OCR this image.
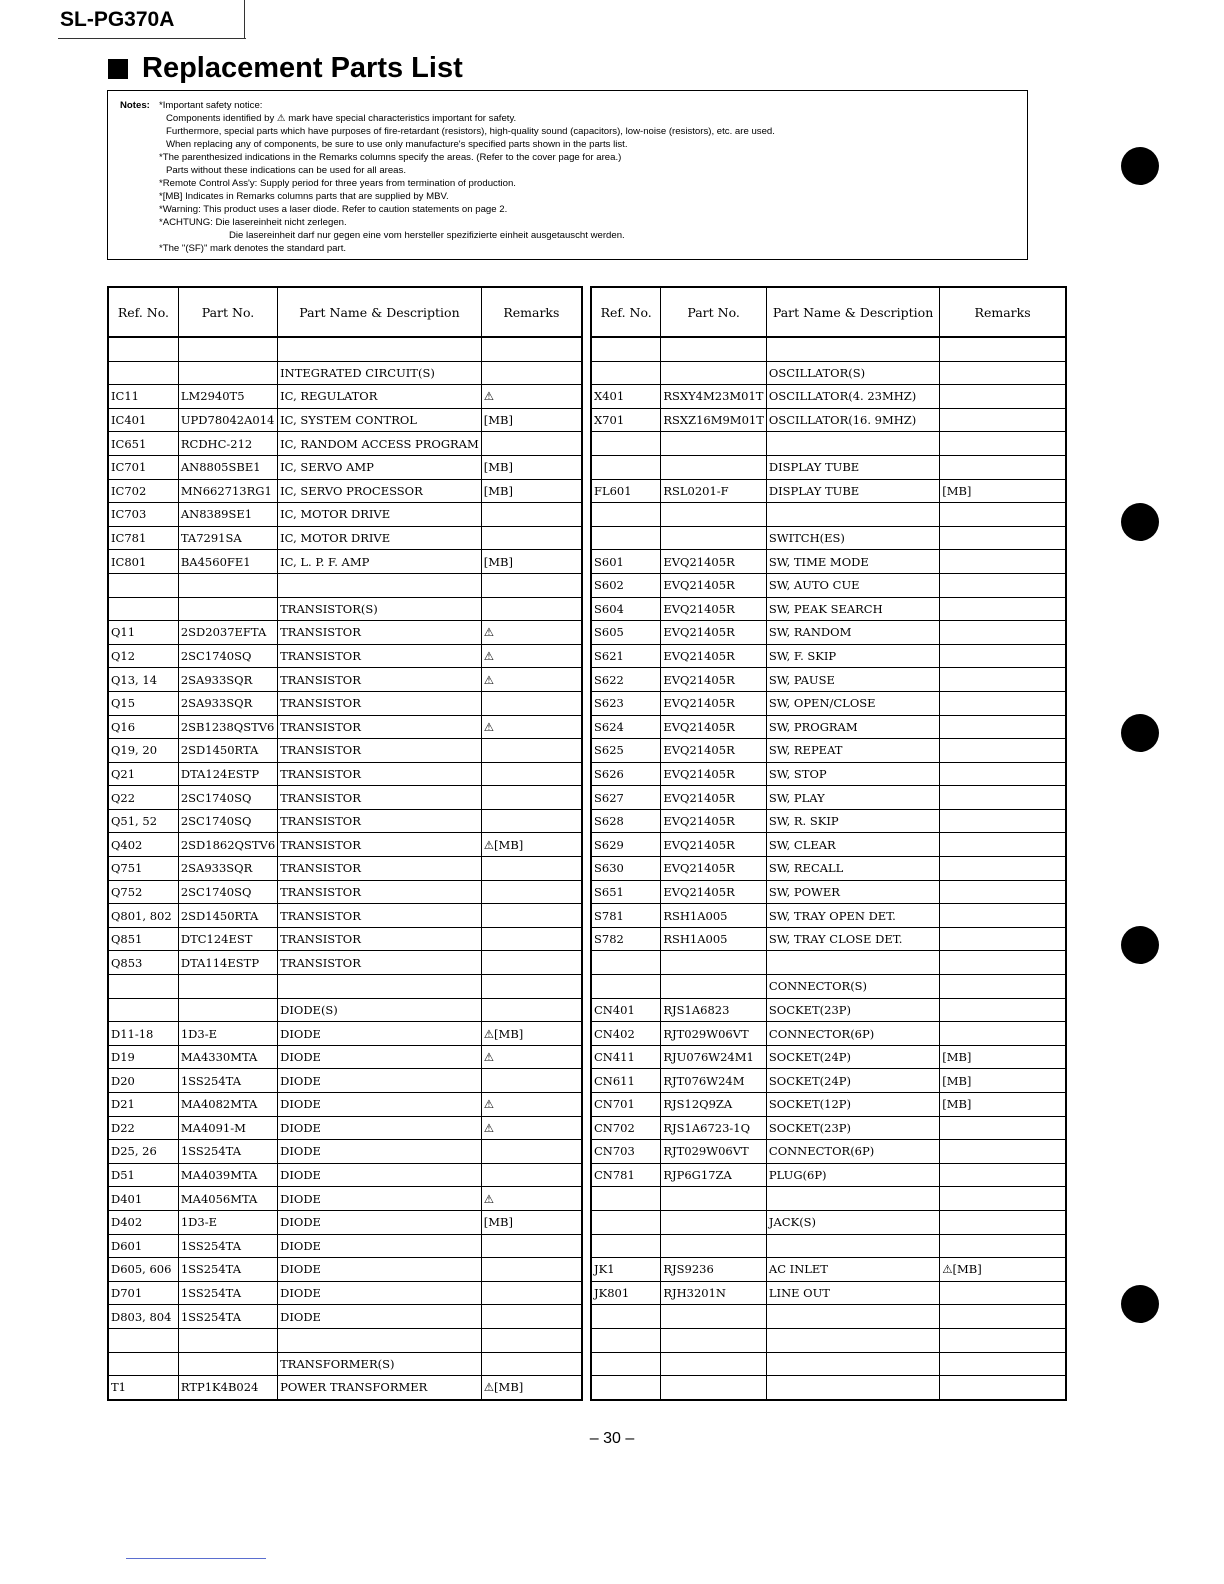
SL-PG370A
Replacement Parts List
Notes: *Important safety notice:
Components identified by ⚠ mark have special characteristics important for safety.
Furthermore, special parts which have purposes of fire-retardant (resistors), high-quality sound (capacitors), low-noise (resistors), etc. are used.
When replacing any of components, be sure to use only manufacture's specified parts shown in the parts list.
*The parenthesized indications in the Remarks columns specify the areas. (Refer to the cover page for area.)
Parts without these indications can be used for all areas.
*Remote Control Ass'y: Supply period for three years from termination of production.
*[MB] Indicates in Remarks columns parts that are supplied by MBV.
*Warning: This product uses a laser diode. Refer to caution statements on page 2.
*ACHTUNG: Die lasereinheit nicht zerlegen.
Die lasereinheit darf nur gegen eine vom hersteller spezifizierte einheit ausgetauscht werden.
*The "(SF)" mark denotes the standard part.
Ref. No.	Part No.	Part Name & Description	Remarks

		INTEGRATED CIRCUIT(S)	
IC11	LM2940T5	IC, REGULATOR	⚠
IC401	UPD78042A014	IC, SYSTEM CONTROL	[MB]
IC651	RCDHC-212	IC, RANDOM ACCESS PROGRAM	
IC701	AN8805SBE1	IC, SERVO AMP	[MB]
IC702	MN662713RG1	IC, SERVO PROCESSOR	[MB]
IC703	AN8389SE1	IC, MOTOR DRIVE	
IC781	TA7291SA	IC, MOTOR DRIVE	
IC801	BA4560FE1	IC, L. P. F. AMP	[MB]

		TRANSISTOR(S)	
Q11	2SD2037EFTA	TRANSISTOR	⚠
Q12	2SC1740SQ	TRANSISTOR	⚠
Q13, 14	2SA933SQR	TRANSISTOR	⚠
Q15	2SA933SQR	TRANSISTOR	
Q16	2SB1238QSTV6	TRANSISTOR	⚠
Q19, 20	2SD1450RTA	TRANSISTOR	
Q21	DTA124ESTP	TRANSISTOR	
Q22	2SC1740SQ	TRANSISTOR	
Q51, 52	2SC1740SQ	TRANSISTOR	
Q402	2SD1862QSTV6	TRANSISTOR	⚠[MB]
Q751	2SA933SQR	TRANSISTOR	
Q752	2SC1740SQ	TRANSISTOR	
Q801, 802	2SD1450RTA	TRANSISTOR	
Q851	DTC124EST	TRANSISTOR	
Q853	DTA114ESTP	TRANSISTOR	

		DIODE(S)	
D11-18	1D3-E	DIODE	⚠[MB]
D19	MA4330MTA	DIODE	⚠
D20	1SS254TA	DIODE	
D21	MA4082MTA	DIODE	⚠
D22	MA4091-M	DIODE	⚠
D25, 26	1SS254TA	DIODE	
D51	MA4039MTA	DIODE	
D401	MA4056MTA	DIODE	⚠
D402	1D3-E	DIODE	[MB]
D601	1SS254TA	DIODE	
D605, 606	1SS254TA	DIODE	
D701	1SS254TA	DIODE	
D803, 804	1SS254TA	DIODE	

		TRANSFORMER(S)	
T1	RTP1K4B024	POWER TRANSFORMER	⚠[MB]
Ref. No.	Part No.	Part Name & Description	Remarks

		OSCILLATOR(S)	
X401	RSXY4M23M01T	OSCILLATOR(4. 23MHZ)	
X701	RSXZ16M9M01T	OSCILLATOR(16. 9MHZ)	

		DISPLAY TUBE	
FL601	RSL0201-F	DISPLAY TUBE	[MB]

		SWITCH(ES)	
S601	EVQ21405R	SW, TIME MODE	
S602	EVQ21405R	SW, AUTO CUE	
S604	EVQ21405R	SW, PEAK SEARCH	
S605	EVQ21405R	SW, RANDOM	
S621	EVQ21405R	SW, F. SKIP	
S622	EVQ21405R	SW, PAUSE	
S623	EVQ21405R	SW, OPEN/CLOSE	
S624	EVQ21405R	SW, PROGRAM	
S625	EVQ21405R	SW, REPEAT	
S626	EVQ21405R	SW, STOP	
S627	EVQ21405R	SW, PLAY	
S628	EVQ21405R	SW, R. SKIP	
S629	EVQ21405R	SW, CLEAR	
S630	EVQ21405R	SW, RECALL	
S651	EVQ21405R	SW, POWER	
S781	RSH1A005	SW, TRAY OPEN DET.	
S782	RSH1A005	SW, TRAY CLOSE DET.	

		CONNECTOR(S)	
CN401	RJS1A6823	SOCKET(23P)	
CN402	RJT029W06VT	CONNECTOR(6P)	
CN411	RJU076W24M1	SOCKET(24P)	[MB]
CN611	RJT076W24M	SOCKET(24P)	[MB]
CN701	RJS12Q9ZA	SOCKET(12P)	[MB]
CN702	RJS1A6723-1Q	SOCKET(23P)	
CN703	RJT029W06VT	CONNECTOR(6P)	
CN781	RJP6G17ZA	PLUG(6P)	

		JACK(S)	

JK1	RJS9236	AC INLET	⚠[MB]
JK801	RJH3201N	LINE OUT	

– 30 –
